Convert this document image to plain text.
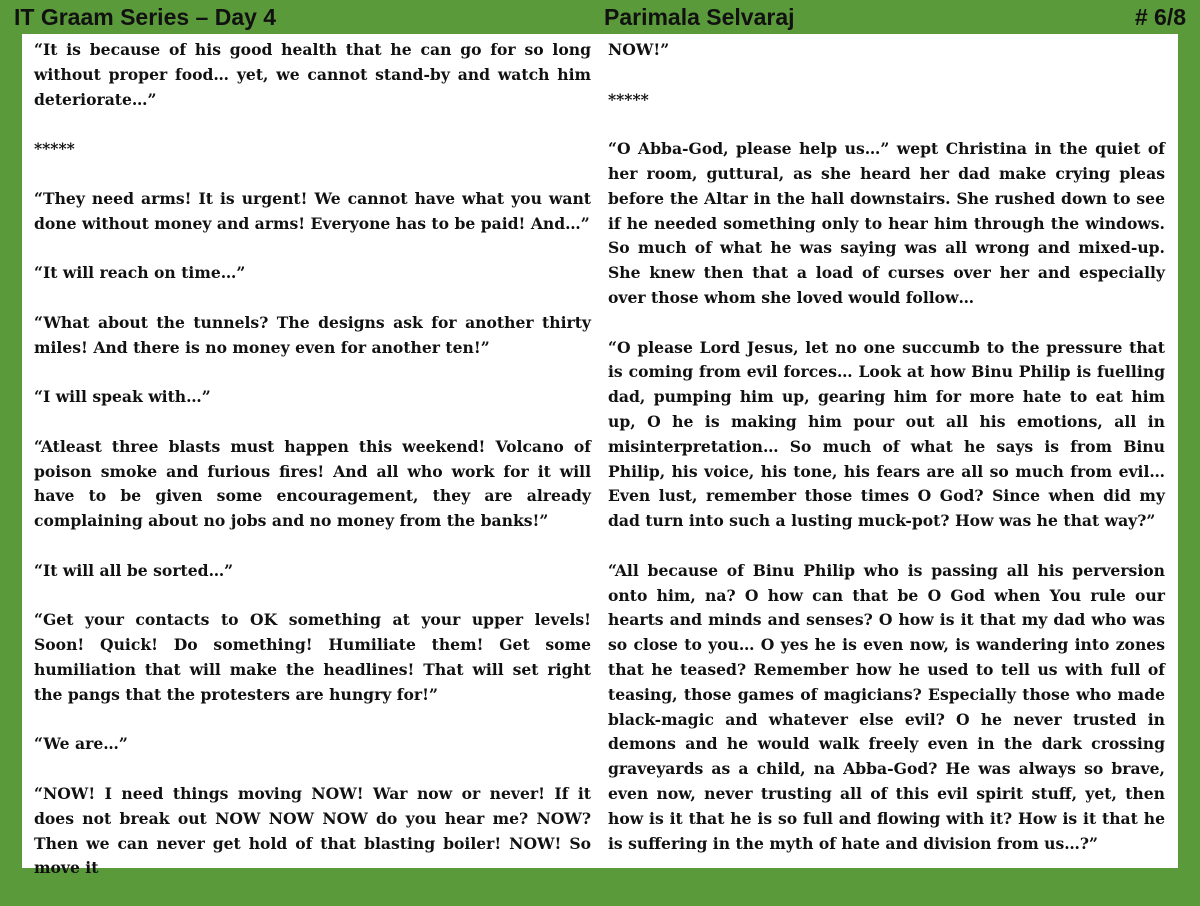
IT Graam Series – Day 4	Parimala Selvaraj	# 6/8

“It is because of his good health that he can go for so long without proper food… yet, we cannot stand-by and watch him deteriorate…”

*****

“They need arms! It is urgent! We cannot have what you want done without money and arms! Everyone has to be paid! And…”

“It will reach on time…”

“What about the tunnels? The designs ask for another thirty miles! And there is no money even for another ten!”

“I will speak with…”

“Atleast three blasts must happen this weekend! Volcano of poison smoke and furious fires! And all who work for it will have to be given some encouragement, they are already complaining about no jobs and no money from the banks!”

“It will all be sorted…”

“Get your contacts to OK something at your upper levels! Soon! Quick! Do something! Humiliate them! Get some humiliation that will make the headlines! That will set right the pangs that the protesters are hungry for!”

“We are…”

“NOW! I need things moving NOW! War now or never! If it does not break out NOW NOW NOW do you hear me? NOW? Then we can never get hold of that blasting boiler! NOW! So move it

NOW!”

*****

“O Abba-God, please help us…” wept Christina in the quiet of her room, guttural, as she heard her dad make crying pleas before the Altar in the hall downstairs. She rushed down to see if he needed something only to hear him through the windows. So much of what he was saying was all wrong and mixed-up. She knew then that a load of curses over her and especially over those whom she loved would follow…

“O please Lord Jesus, let no one succumb to the pressure that is coming from evil forces… Look at how Binu Philip is fuelling dad, pumping him up, gearing him for more hate to eat him up, O he is making him pour out all his emotions, all in misinterpretation… So much of what he says is from Binu Philip, his voice, his tone, his fears are all so much from evil… Even lust, remember those times O God? Since when did my dad turn into such a lusting muck-pot? How was he that way?”

“All because of Binu Philip who is passing all his perversion onto him, na? O how can that be O God when You rule our hearts and minds and senses? O how is it that my dad who was so close to you… O yes he is even now, is wandering into zones that he teased? Remember how he used to tell us with full of teasing, those games of magicians? Especially those who made black-magic and whatever else evil? O he never trusted in demons and he would walk freely even in the dark crossing graveyards as a child, na Abba-God? He was always so brave, even now, never trusting all of this evil spirit stuff, yet, then how is it that he is so full and flowing with it? How is it that he is suffering in the myth of hate and division from us…?”
